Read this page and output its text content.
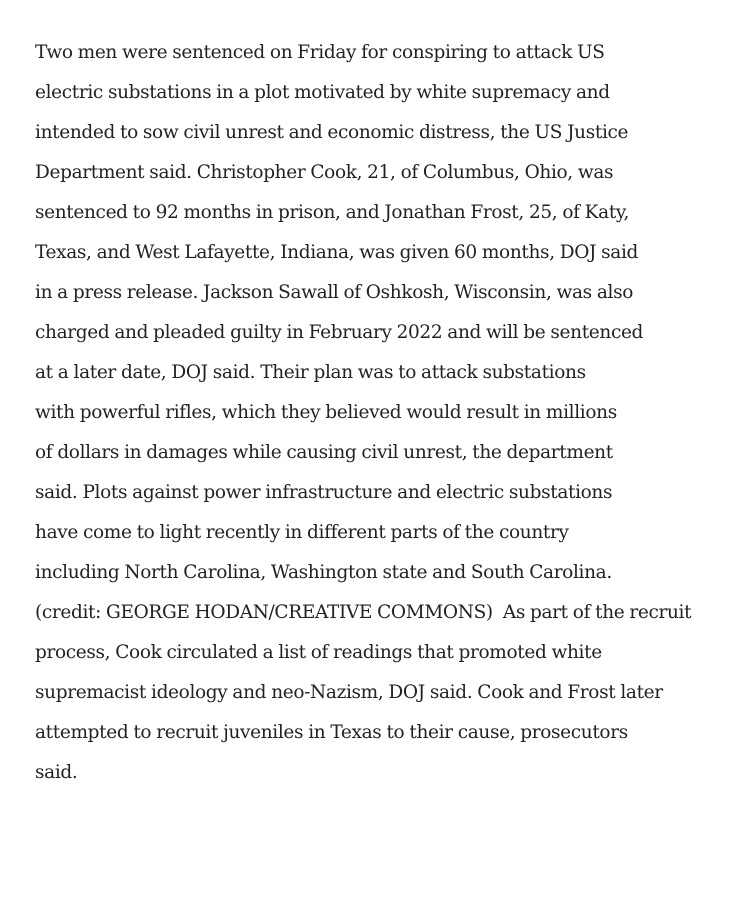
Two men were sentenced on Friday for conspiring to attack US
electric substations in a plot motivated by white supremacy and
intended to sow civil unrest and economic distress, the US Justice
Department said. Christopher Cook, 21, of Columbus, Ohio, was
sentenced to 92 months in prison, and Jonathan Frost, 25, of Katy,
Texas, and West Lafayette, Indiana, was given 60 months, DOJ said
in a press release. Jackson Sawall of Oshkosh, Wisconsin, was also
charged and pleaded guilty in February 2022 and will be sentenced
at a later date, DOJ said. Their plan was to attack substations
with powerful rifles, which they believed would result in millions
of dollars in damages while causing civil unrest, the department
said. Plots against power infrastructure and electric substations
have come to light recently in different parts of the country
including North Carolina, Washington state and South Carolina.
(credit: GEORGE HODAN/CREATIVE COMMONS)  As part of the recruit
process, Cook circulated a list of readings that promoted white
supremacist ideology and neo-Nazism, DOJ said. Cook and Frost later
attempted to recruit juveniles in Texas to their cause, prosecutors
said.
